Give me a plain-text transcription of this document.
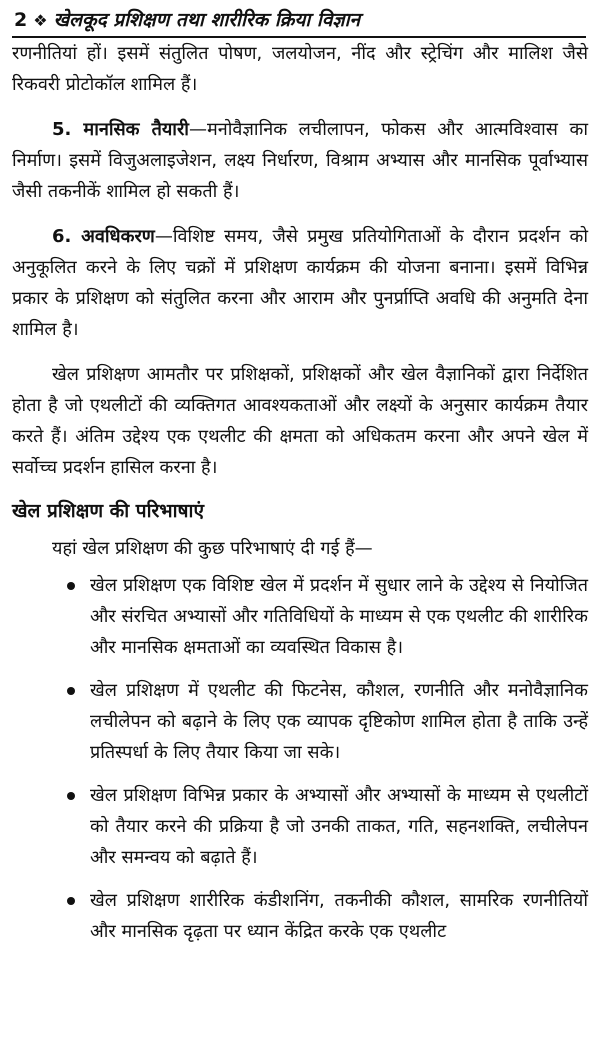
2 ❖ खेलकूद प्रशिक्षण तथा शारीरिक क्रिया विज्ञान

रणनीतियां हों। इसमें संतुलित पोषण, जलयोजन, नींद और स्ट्रेचिंग और मालिश जैसे रिकवरी प्रोटोकॉल शामिल हैं।

5. मानसिक तैयारी—मनोवैज्ञानिक लचीलापन, फोकस और आत्मविश्वास का निर्माण। इसमें विजुअलाइजेशन, लक्ष्य निर्धारण, विश्राम अभ्यास और मानसिक पूर्वाभ्यास जैसी तकनीकें शामिल हो सकती हैं।

6. अवधिकरण—विशिष्ट समय, जैसे प्रमुख प्रतियोगिताओं के दौरान प्रदर्शन को अनुकूलित करने के लिए चक्रों में प्रशिक्षण कार्यक्रम की योजना बनाना। इसमें विभिन्न प्रकार के प्रशिक्षण को संतुलित करना और आराम और पुनर्प्राप्ति अवधि की अनुमति देना शामिल है।

खेल प्रशिक्षण आमतौर पर प्रशिक्षकों, प्रशिक्षकों और खेल वैज्ञानिकों द्वारा निर्देशित होता है जो एथलीटों की व्यक्तिगत आवश्यकताओं और लक्ष्यों के अनुसार कार्यक्रम तैयार करते हैं। अंतिम उद्देश्य एक एथलीट की क्षमता को अधिकतम करना और अपने खेल में सर्वोच्च प्रदर्शन हासिल करना है।

खेल प्रशिक्षण की परिभाषाएं

यहां खेल प्रशिक्षण की कुछ परिभाषाएं दी गई हैं—

खेल प्रशिक्षण एक विशिष्ट खेल में प्रदर्शन में सुधार लाने के उद्देश्य से नियोजित और संरचित अभ्यासों और गतिविधियों के माध्यम से एक एथलीट की शारीरिक और मानसिक क्षमताओं का व्यवस्थित विकास है।
खेल प्रशिक्षण में एथलीट की फिटनेस, कौशल, रणनीति और मनोवैज्ञानिक लचीलेपन को बढ़ाने के लिए एक व्यापक दृष्टिकोण शामिल होता है ताकि उन्हें प्रतिस्पर्धा के लिए तैयार किया जा सके।
खेल प्रशिक्षण विभिन्न प्रकार के अभ्यासों और अभ्यासों के माध्यम से एथलीटों को तैयार करने की प्रक्रिया है जो उनकी ताकत, गति, सहनशक्ति, लचीलेपन और समन्वय को बढ़ाते हैं।
खेल प्रशिक्षण शारीरिक कंडीशनिंग, तकनीकी कौशल, सामरिक रणनीतियों और मानसिक दृढ़ता पर ध्यान केंद्रित करके एक एथलीट
